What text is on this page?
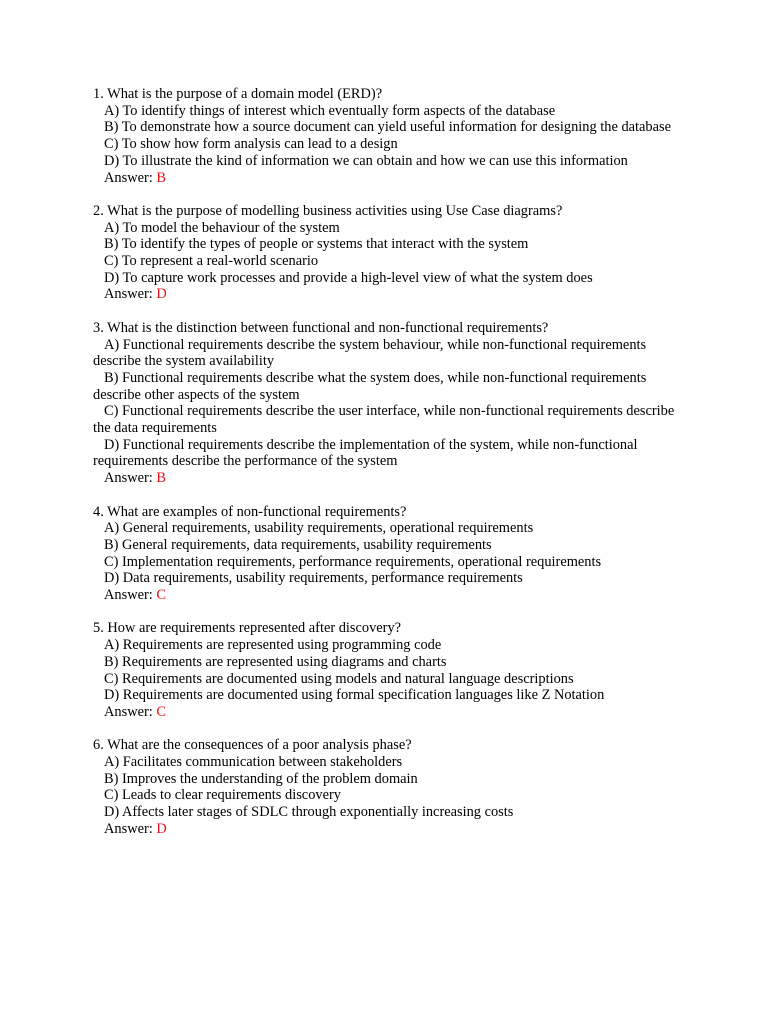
1. What is the purpose of a domain model (ERD)?
A) To identify things of interest which eventually form aspects of the database
B) To demonstrate how a source document can yield useful information for designing the database
C) To show how form analysis can lead to a design
D) To illustrate the kind of information we can obtain and how we can use this information
Answer: B
2. What is the purpose of modelling business activities using Use Case diagrams?
A) To model the behaviour of the system
B) To identify the types of people or systems that interact with the system
C) To represent a real-world scenario
D) To capture work processes and provide a high-level view of what the system does
Answer: D
3. What is the distinction between functional and non-functional requirements?
A) Functional requirements describe the system behaviour, while non-functional requirements describe the system availability
B) Functional requirements describe what the system does, while non-functional requirements describe other aspects of the system
C) Functional requirements describe the user interface, while non-functional requirements describe the data requirements
D) Functional requirements describe the implementation of the system, while non-functional requirements describe the performance of the system
Answer: B
4. What are examples of non-functional requirements?
A) General requirements, usability requirements, operational requirements
B) General requirements, data requirements, usability requirements
C) Implementation requirements, performance requirements, operational requirements
D) Data requirements, usability requirements, performance requirements
Answer: C
5. How are requirements represented after discovery?
A) Requirements are represented using programming code
B) Requirements are represented using diagrams and charts
C) Requirements are documented using models and natural language descriptions
D) Requirements are documented using formal specification languages like Z Notation
Answer: C
6. What are the consequences of a poor analysis phase?
A) Facilitates communication between stakeholders
B) Improves the understanding of the problem domain
C) Leads to clear requirements discovery
D) Affects later stages of SDLC through exponentially increasing costs
Answer: D
